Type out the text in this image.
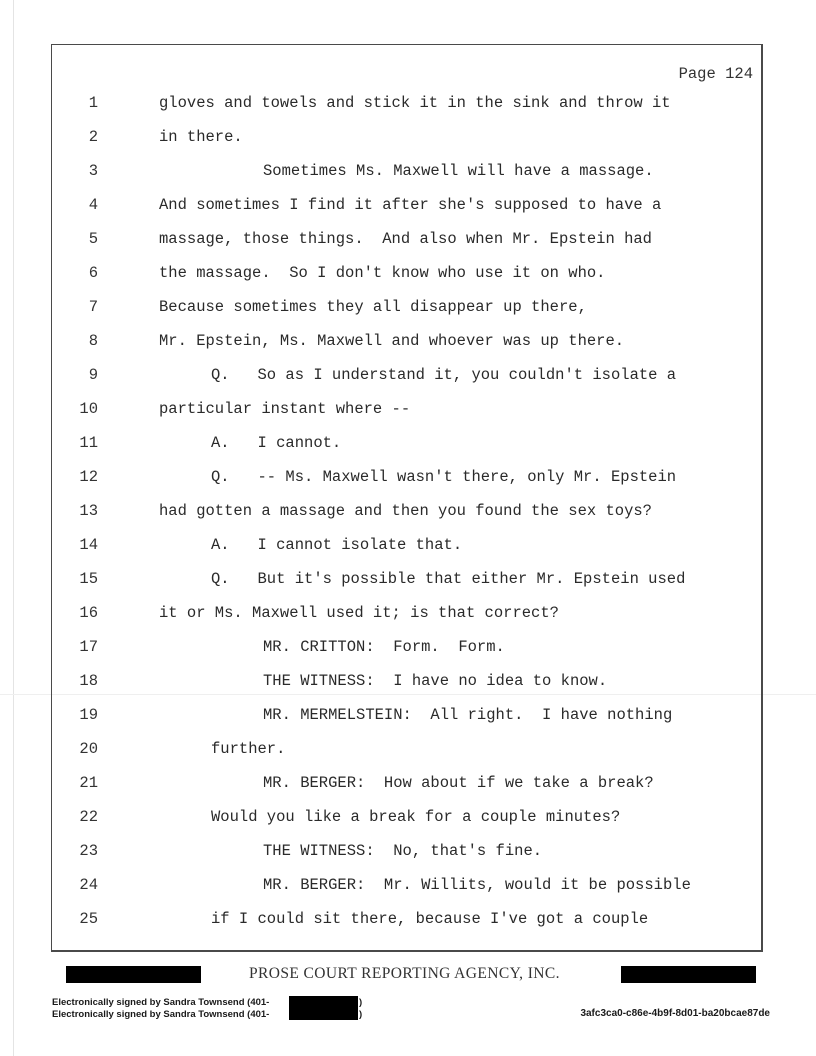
Page 124
1	gloves and towels and stick it in the sink and throw it
2	in there.
3	Sometimes Ms. Maxwell will have a massage.
4	And sometimes I find it after she's supposed to have a
5	massage, those things.  And also when Mr. Epstein had
6	the massage.  So I don't know who use it on who.
7	Because sometimes they all disappear up there,
8	Mr. Epstein, Ms. Maxwell and whoever was up there.
9	Q.   So as I understand it, you couldn't isolate a
10	particular instant where --
11	A.   I cannot.
12	Q.   -- Ms. Maxwell wasn't there, only Mr. Epstein
13	had gotten a massage and then you found the sex toys?
14	A.   I cannot isolate that.
15	Q.   But it's possible that either Mr. Epstein used
16	it or Ms. Maxwell used it; is that correct?
17	MR. CRITTON:  Form.  Form.
18	THE WITNESS:  I have no idea to know.
19	MR. MERMELSTEIN:  All right.  I have nothing
20	further.
21	MR. BERGER:  How about if we take a break?
22	Would you like a break for a couple minutes?
23	THE WITNESS:  No, that's fine.
24	MR. BERGER:  Mr. Willits, would it be possible
25	if I could sit there, because I've got a couple
PROSE COURT REPORTING AGENCY, INC.
Electronically signed by Sandra Townsend (401-
Electronically signed by Sandra Townsend (401-
)
)	3afc3ca0-c86e-4b9f-8d01-ba20bcae87de
